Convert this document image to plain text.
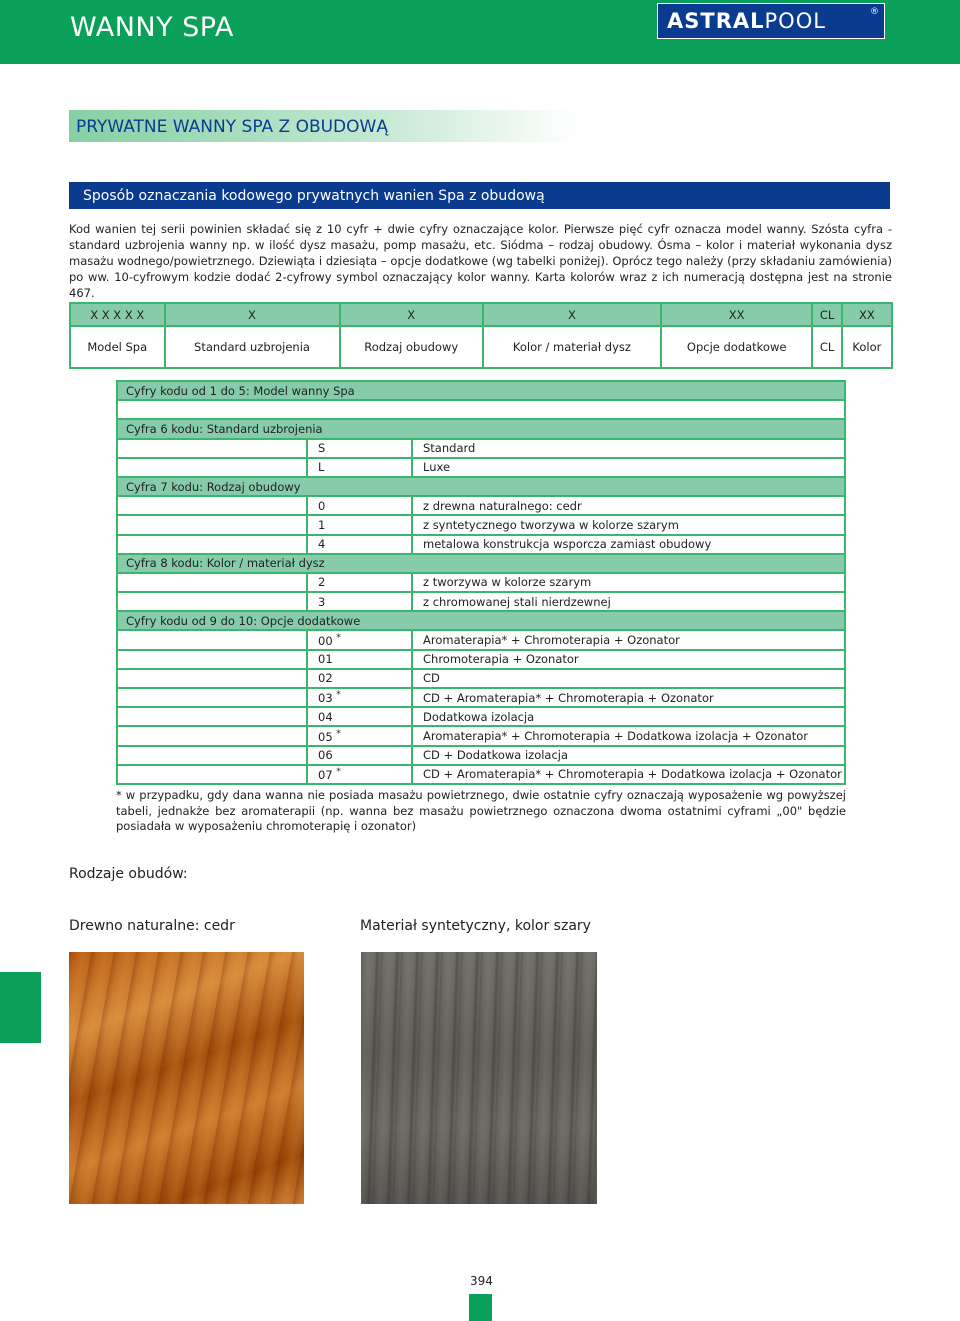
WANNY SPA	ASTRALPOOL	®
PRYWATNE WANNY SPA Z OBUDOWĄ
Sposób oznaczania kodowego prywatnych wanien Spa z obudową

Kod wanien tej serii powinien składać się z 10 cyfr + dwie cyfry oznaczające kolor. Pierwsze pięć cyfr oznacza model wanny. Szósta cyfra - standard uzbrojenia wanny np. w ilość dysz masażu, pomp masażu, etc. Siódma – rodzaj obudowy. Ósma – kolor i materiał wykonania dysz masażu wodnego/powietrznego. Dziewiąta i dziesiąta – opcje dodatkowe (wg tabelki poniżej). Oprócz tego należy (przy składaniu zamówienia) po ww. 10-cyfrowym kodzie dodać 2-cyfrowy symbol oznaczający kolor wanny. Karta kolorów wraz z ich numeracją dostępna jest na stronie 467.

X X X X X	X	X	X	XX	CL	XX
Model Spa	Standard uzbrojenia	Rodzaj obudowy	Kolor / materiał dysz	Opcje dodatkowe	CL	Kolor
Cyfry kodu od 1 do 5: Model wanny Spa		

Cyfra 6 kodu: Standard uzbrojenia		
	S	Standard
	L	Luxe
Cyfra 7 kodu: Rodzaj obudowy		
	0	z drewna naturalnego: cedr
	1	z syntetycznego tworzywa w kolorze szarym
	4	metalowa konstrukcja wsporcza zamiast obudowy
Cyfra 8 kodu: Kolor / materiał dysz		
	2	z tworzywa w kolorze szarym
	3	z chromowanej stali nierdzewnej
Cyfry kodu od 9 do 10: Opcje dodatkowe		
	00 *	Aromaterapia* + Chromoterapia + Ozonator
	01	Chromoterapia + Ozonator
	02	CD
	03 *	CD + Aromaterapia* + Chromoterapia + Ozonator
	04	Dodatkowa izolacja
	05 *	Aromaterapia* + Chromoterapia + Dodatkowa izolacja + Ozonator
	06	CD + Dodatkowa izolacja
	07 *	CD + Aromaterapia* + Chromoterapia + Dodatkowa izolacja + Ozonator

* w przypadku, gdy dana wanna nie posiada masażu powietrznego, dwie ostatnie cyfry oznaczają wyposażenie wg powyższej tabeli, jednakże bez aromaterapii (np. wanna bez masażu powietrznego oznaczona dwoma ostatnimi cyframi „00" będzie posiadała w wyposażeniu chromoterapię i ozonator)

Rodzaje obudów:
Drewno naturalne: cedr	Materiał syntetyczny, kolor szary
394
